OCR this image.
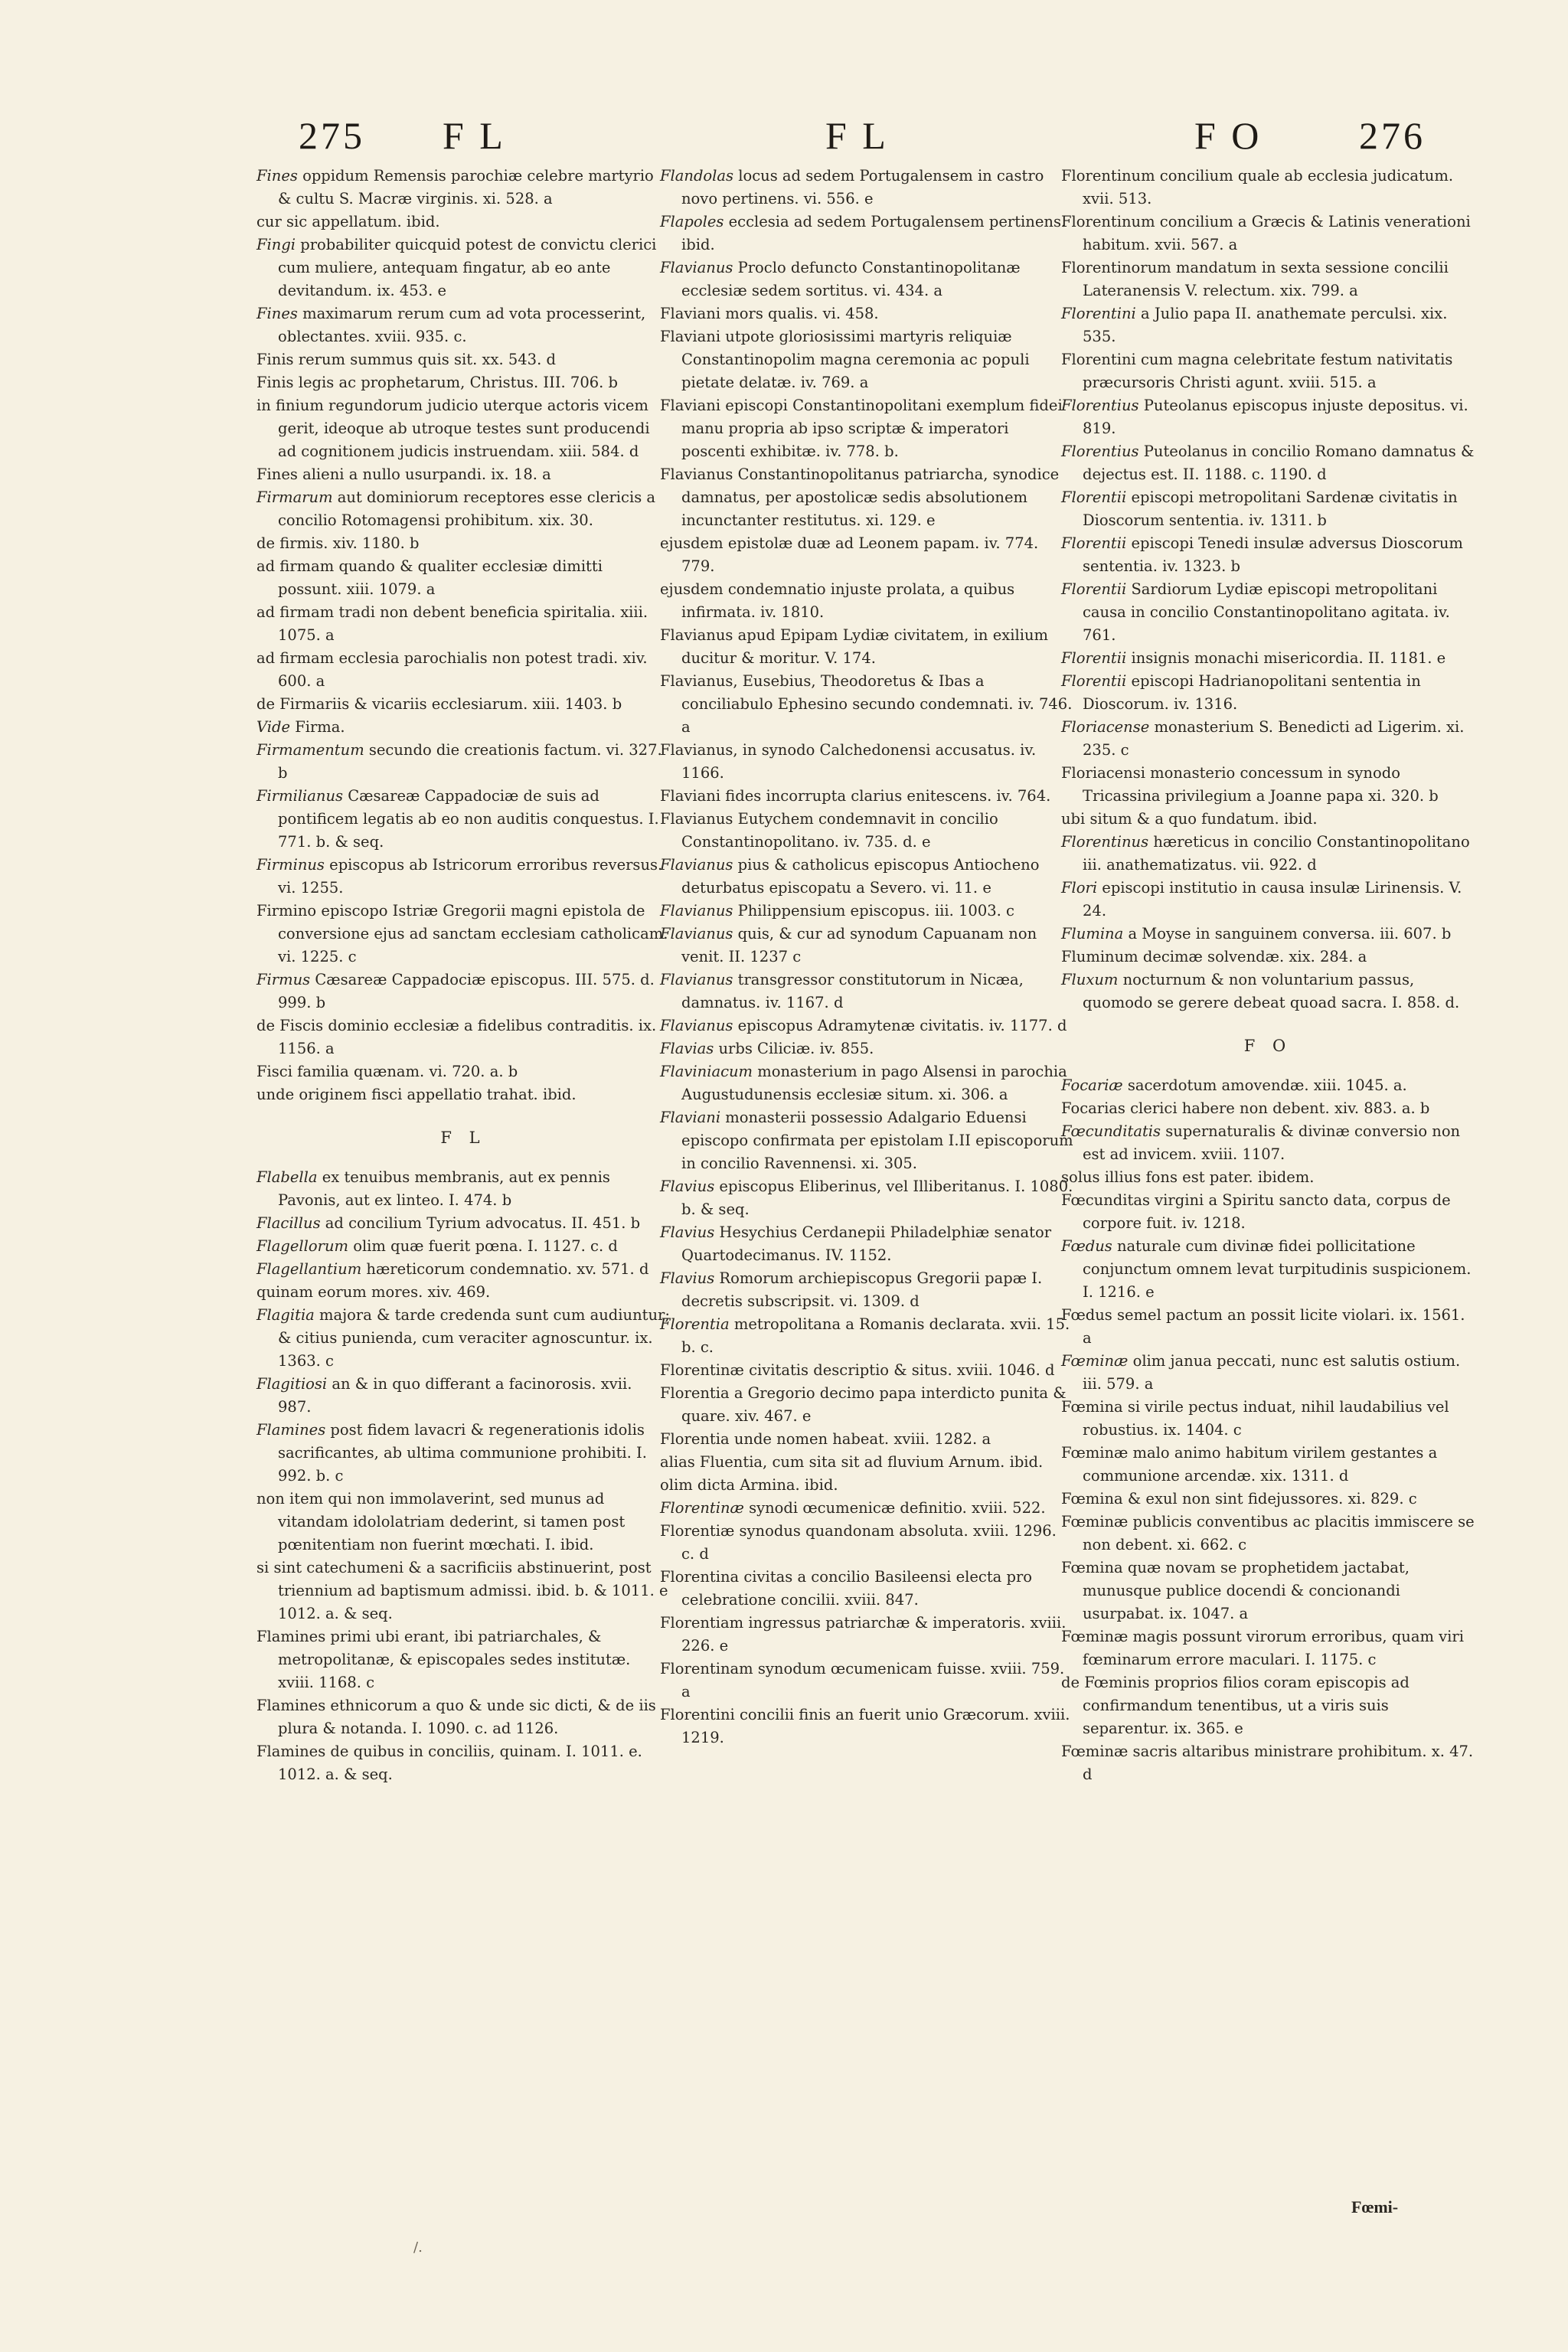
275 F L	F L	F O	276

Fines oppidum Remensis parochiæ celebre martyrio & cultu S. Macræ virginis. xi. 528. a

cur sic appellatum. ibid.

Fingi probabiliter quicquid potest de convictu clerici cum muliere, antequam fingatur, ab eo ante devitandum. ix. 453. e

Fines maximarum rerum cum ad vota processerint, oblectantes. xviii. 935. c.

Finis rerum summus quis sit. xx. 543. d

Finis legis ac prophetarum, Christus. III. 706. b

in finium regundorum judicio uterque actoris vicem gerit, ideoque ab utroque testes sunt producendi ad cognitionem judicis instruendam. xiii. 584. d

Fines alieni a nullo usurpandi. ix. 18. a

Firmarum aut dominiorum receptores esse clericis a concilio Rotomagensi prohibitum. xix. 30.

de firmis. xiv. 1180. b

ad firmam quando & qualiter ecclesiæ dimitti possunt. xiii. 1079. a

ad firmam tradi non debent beneficia spiritalia. xiii. 1075. a

ad firmam ecclesia parochialis non potest tradi. xiv. 600. a

de Firmariis & vicariis ecclesiarum. xiii. 1403. b

Vide Firma.

Firmamentum secundo die creationis factum. vi. 327. b

Firmilianus Cæsareæ Cappadociæ de suis ad pontificem legatis ab eo non auditis conquestus. I. 771. b. & seq.

Firminus episcopus ab Istricorum erroribus reversus. vi. 1255.

Firmino episcopo Istriæ Gregorii magni epistola de conversione ejus ad sanctam ecclesiam catholicam. vi. 1225. c

Firmus Cæsareæ Cappadociæ episcopus. III. 575. d. 999. b

de Fiscis dominio ecclesiæ a fidelibus contraditis. ix. 1156. a

Fisci familia quænam. vi. 720. a. b

unde originem fisci appellatio trahat. ibid.

F L

Flabella ex tenuibus membranis, aut ex pennis Pavonis, aut ex linteo. I. 474. b

Flacillus ad concilium Tyrium advocatus. II. 451. b

Flagellorum olim quæ fuerit pœna. I. 1127. c. d

Flagellantium hæreticorum condemnatio. xv. 571. d

quinam eorum mores. xiv. 469.

Flagitia majora & tarde credenda sunt cum audiuntur; & citius punienda, cum veraciter agnoscuntur. ix. 1363. c

Flagitiosi an & in quo differant a facinorosis. xvii. 987.

Flamines post fidem lavacri & regenerationis idolis sacrificantes, ab ultima communione prohibiti. I. 992. b. c

non item qui non immolaverint, sed munus ad vitandam idololatriam dederint, si tamen post pœnitentiam non fuerint mœchati. I. ibid.

si sint catechumeni & a sacrificiis abstinuerint, post triennium ad baptismum admissi. ibid. b. & 1011. e 1012. a. & seq.

Flamines primi ubi erant, ibi patriarchales, & metropolitanæ, & episcopales sedes institutæ. xviii. 1168. c

Flamines ethnicorum a quo & unde sic dicti, & de iis plura & notanda. I. 1090. c. ad 1126.

Flamines de quibus in conciliis, quinam. I. 1011. e. 1012. a. & seq.

Flandolas locus ad sedem Portugalensem in castro novo pertinens. vi. 556. e

Flapoles ecclesia ad sedem Portugalensem pertinens. ibid.

Flavianus Proclo defuncto Constantinopolitanæ ecclesiæ sedem sortitus. vi. 434. a

Flaviani mors qualis. vi. 458.

Flaviani utpote gloriosissimi martyris reliquiæ Constantinopolim magna ceremonia ac populi pietate delatæ. iv. 769. a

Flaviani episcopi Constantinopolitani exemplum fidei manu propria ab ipso scriptæ & imperatori poscenti exhibitæ. iv. 778. b.

Flavianus Constantinopolitanus patriarcha, synodice damnatus, per apostolicæ sedis absolutionem incunctanter restitutus. xi. 129. e

ejusdem epistolæ duæ ad Leonem papam. iv. 774. 779.

ejusdem condemnatio injuste prolata, a quibus infirmata. iv. 1810.

Flavianus apud Epipam Lydiæ civitatem, in exilium ducitur & moritur. V. 174.

Flavianus, Eusebius, Theodoretus & Ibas a conciliabulo Ephesino secundo condemnati. iv. 746. a

Flavianus, in synodo Calchedonensi accusatus. iv. 1166.

Flaviani fides incorrupta clarius enitescens. iv. 764.

Flavianus Eutychem condemnavit in concilio Constantinopolitano. iv. 735. d. e

Flavianus pius & catholicus episcopus Antiocheno deturbatus episcopatu a Severo. vi. 11. e

Flavianus Philippensium episcopus. iii. 1003. c

Flavianus quis, & cur ad synodum Capuanam non venit. II. 1237 c

Flavianus transgressor constitutorum in Nicæa, damnatus. iv. 1167. d

Flavianus episcopus Adramytenæ civitatis. iv. 1177. d

Flavias urbs Ciliciæ. iv. 855.

Flaviniacum monasterium in pago Alsensi in parochia Augustudunensis ecclesiæ situm. xi. 306. a

Flaviani monasterii possessio Adalgario Eduensi episcopo confirmata per epistolam I.II episcoporum in concilio Ravennensi. xi. 305.

Flavius episcopus Eliberinus, vel Illiberitanus. I. 1080. b. & seq.

Flavius Hesychius Cerdanepii Philadelphiæ senator Quartodecimanus. IV. 1152.

Flavius Romorum archiepiscopus Gregorii papæ I. decretis subscripsit. vi. 1309. d

Florentia metropolitana a Romanis declarata. xvii. 15. b. c.

Florentinæ civitatis descriptio & situs. xviii. 1046. d

Florentia a Gregorio decimo papa interdicto punita & quare. xiv. 467. e

Florentia unde nomen habeat. xviii. 1282. a

alias Fluentia, cum sita sit ad fluvium Arnum. ibid.

olim dicta Armina. ibid.

Florentinæ synodi œcumenicæ definitio. xviii. 522.

Florentiæ synodus quandonam absoluta. xviii. 1296. c. d

Florentina civitas a concilio Basileensi electa pro celebratione concilii. xviii. 847.

Florentiam ingressus patriarchæ & imperatoris. xviii. 226. e

Florentinam synodum œcumenicam fuisse. xviii. 759. a

Florentini concilii finis an fuerit unio Græcorum. xviii. 1219.

Florentinum concilium quale ab ecclesia judicatum. xvii. 513.

Florentinum concilium a Græcis & Latinis venerationi habitum. xvii. 567. a

Florentinorum mandatum in sexta sessione concilii Lateranensis V. relectum. xix. 799. a

Florentini a Julio papa II. anathemate perculsi. xix. 535.

Florentini cum magna celebritate festum nativitatis præcursoris Christi agunt. xviii. 515. a

Florentius Puteolanus episcopus injuste depositus. vi. 819.

Florentius Puteolanus in concilio Romano damnatus & dejectus est. II. 1188. c. 1190. d

Florentii episcopi metropolitani Sardenæ civitatis in Dioscorum sententia. iv. 1311. b

Florentii episcopi Tenedi insulæ adversus Dioscorum sententia. iv. 1323. b

Florentii Sardiorum Lydiæ episcopi metropolitani causa in concilio Constantinopolitano agitata. iv. 761.

Florentii insignis monachi misericordia. II. 1181. e

Florentii episcopi Hadrianopolitani sententia in Dioscorum. iv. 1316.

Floriacense monasterium S. Benedicti ad Ligerim. xi. 235. c

Floriacensi monasterio concessum in synodo Tricassina privilegium a Joanne papa xi. 320. b

ubi situm & a quo fundatum. ibid.

Florentinus hæreticus in concilio Constantinopolitano iii. anathematizatus. vii. 922. d

Flori episcopi institutio in causa insulæ Lirinensis. V. 24.

Flumina a Moyse in sanguinem conversa. iii. 607. b

Fluminum decimæ solvendæ. xix. 284. a

Fluxum nocturnum & non voluntarium passus, quomodo se gerere debeat quoad sacra. I. 858. d.

F O

Focariæ sacerdotum amovendæ. xiii. 1045. a.

Focarias clerici habere non debent. xiv. 883. a. b

Fœcunditatis supernaturalis & divinæ conversio non est ad invicem. xviii. 1107.

solus illius fons est pater. ibidem.

Fœcunditas virgini a Spiritu sancto data, corpus de corpore fuit. iv. 1218.

Fœdus naturale cum divinæ fidei pollicitatione conjunctum omnem levat turpitudinis suspicionem. I. 1216. e

Fœdus semel pactum an possit licite violari. ix. 1561. a

Fœminæ olim janua peccati, nunc est salutis ostium. iii. 579. a

Fœmina si virile pectus induat, nihil laudabilius vel robustius. ix. 1404. c

Fœminæ malo animo habitum virilem gestantes a communione arcendæ. xix. 1311. d

Fœmina & exul non sint fidejussores. xi. 829. c

Fœminæ publicis conventibus ac placitis immiscere se non debent. xi. 662. c

Fœmina quæ novam se prophetidem jactabat, munusque publice docendi & concionandi usurpabat. ix. 1047. a

Fœminæ magis possunt virorum erroribus, quam viri fœminarum errore maculari. I. 1175. c

de Fœminis proprios filios coram episcopis ad confirmandum tenentibus, ut a viris suis separentur. ix. 365. e

Fœminæ sacris altaribus ministrare prohibitum. x. 47. d

Fœmi-
/.
